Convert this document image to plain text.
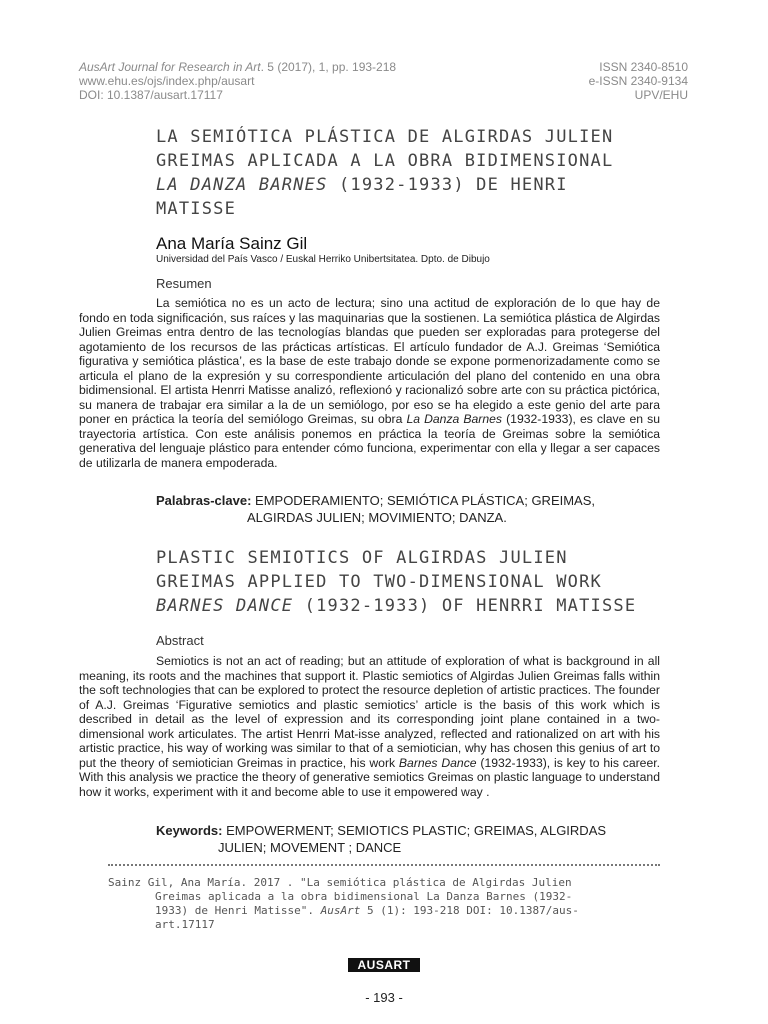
AusArt Journal for Research in Art. 5 (2017), 1, pp. 193-218
www.ehu.es/ojs/index.php/ausart
DOI: 10.1387/ausart.17117
ISSN 2340-8510
e-ISSN 2340-9134
UPV/EHU
LA SEMIÓTICA PLÁSTICA DE ALGIRDAS JULIEN
GREIMAS APLICADA A LA OBRA BIDIMENSIONAL
LA DANZA BARNES (1932-1933) DE HENRI
MATISSE
Ana María Sainz Gil
Universidad del País Vasco / Euskal Herriko Unibertsitatea. Dpto. de Dibujo
Resumen

La semiótica no es un acto de lectura; sino una actitud de exploración de lo que hay de fondo en toda significación, sus raíces y las maquinarias que la sostienen. La semiótica plástica de Algirdas Julien Greimas entra dentro de las tecnologías blandas que pueden ser exploradas para protegerse del agotamiento de los recursos de las prácticas artísticas. El artículo fundador de A.J. Greimas ‘Semiótica figurativa y semiótica plástica’, es la base de este trabajo donde se expone pormenorizadamente como se articula el plano de la expresión y su correspondiente articulación del plano del contenido en una obra bidimensional. El artista Henrri Matisse analizó, reflexionó y racionalizó sobre arte con su práctica pictórica, su manera de trabajar era similar a la de un semiólogo, por eso se ha elegido a este genio del arte para poner en práctica la teoría del semiólogo Greimas, su obra La Danza Barnes (1932-1933), es clave en su trayectoria artística. Con este análisis ponemos en práctica la teoría de Greimas sobre la semiótica generativa del lenguaje plástico para entender cómo funciona, experimentar con ella y llegar a ser capaces de utilizarla de manera empoderada.

Palabras-clave: EMPODERAMIENTO; SEMIÓTICA PLÁSTICA; GREIMAS,
ALGIRDAS JULIEN; MOVIMIENTO; DANZA.
PLASTIC SEMIOTICS OF ALGIRDAS JULIEN
GREIMAS APPLIED TO TWO-DIMENSIONAL WORK
BARNES DANCE (1932-1933) OF HENRRI MATISSE
Abstract

Semiotics is not an act of reading; but an attitude of exploration of what is background in all meaning, its roots and the machines that support it. Plastic semiotics of Algirdas Julien Greimas falls within the soft technologies that can be explored to protect the resource depletion of artistic practices. The founder of A.J. Greimas ‘Figurative semiotics and plastic semiotics’ article is the basis of this work which is described in detail as the level of expression and its corresponding joint plane contained in a two-dimensional work articulates. The artist Henrri Mat-isse analyzed, reflected and rationalized on art with his artistic practice, his way of working was similar to that of a semiotician, why has chosen this genius of art to put the theory of semiotician Greimas in practice, his work Barnes Dance (1932-1933), is key to his career. With this analysis we practice the theory of generative semiotics Greimas on plastic language to understand how it works, experiment with it and become able to use it empowered way .

Keywords: EMPOWERMENT; SEMIOTICS PLASTIC; GREIMAS, ALGIRDAS
JULIEN; MOVEMENT ; DANCE
Sainz Gil, Ana María. 2017 . "La semiótica plástica de Algirdas Julien
Greimas aplicada a la obra bidimensional La Danza Barnes (1932-
1933) de Henri Matisse". AusArt 5 (1): 193-218 DOI: 10.1387/aus-
art.17117
AUSART
- 193 -
